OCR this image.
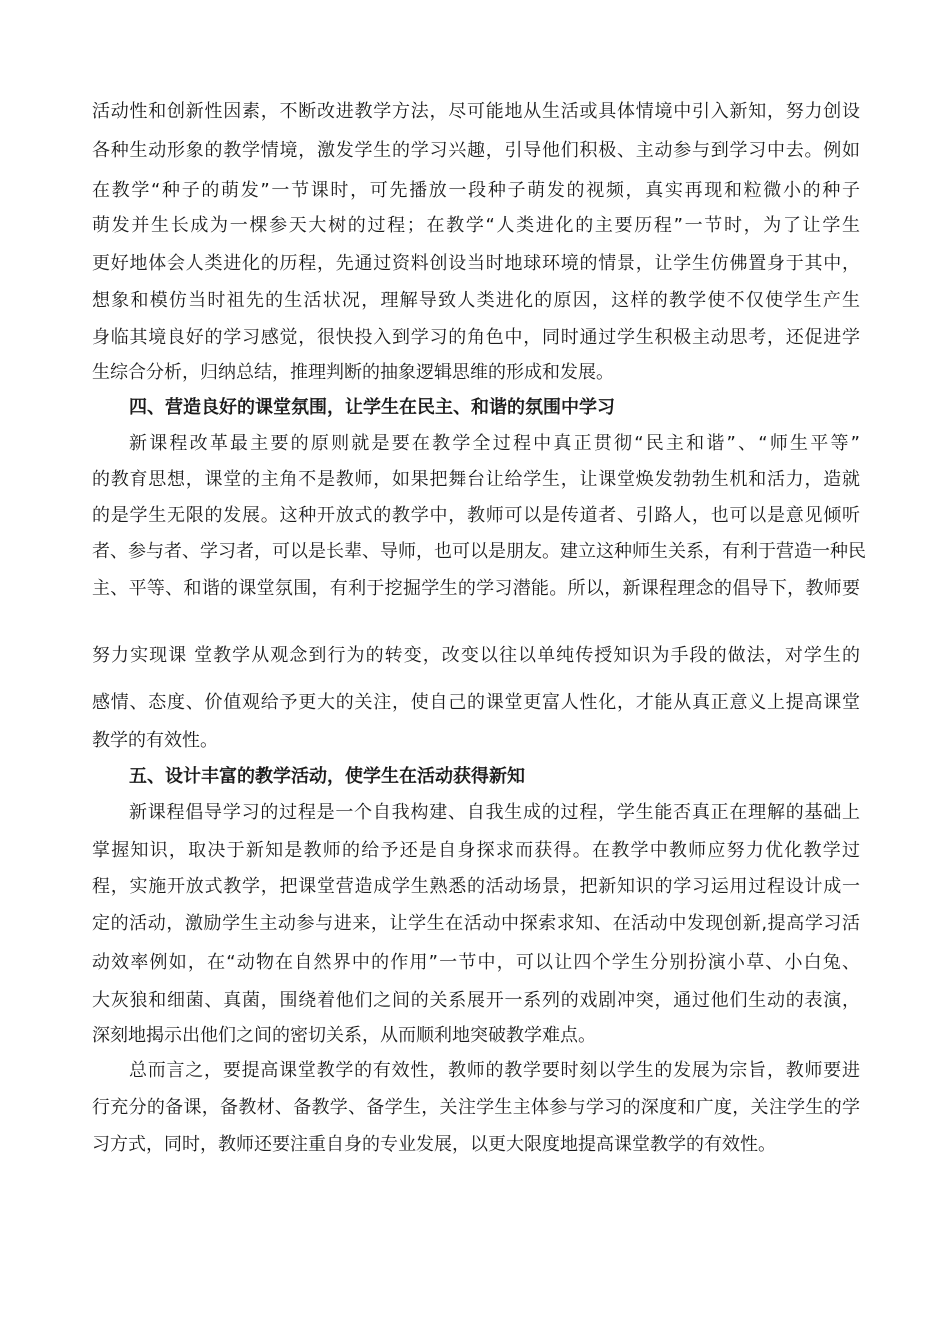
活动性和创新性因素，不断改进教学方法，尽可能地从生活或具体情境中引入新知，努力创设
各种生动形象的教学情境，激发学生的学习兴趣，引导他们积极、主动参与到学习中去。例如
在教学“种子的萌发”一节课时，可先播放一段种子萌发的视频，真实再现和粒微小的种子
萌发并生长成为一棵参天大树的过程；在教学“人类进化的主要历程”一节时，为了让学生
更好地体会人类进化的历程，先通过资料创设当时地球环境的情景，让学生仿佛置身于其中，
想象和模仿当时祖先的生活状况，理解导致人类进化的原因，这样的教学使不仅使学生产生
身临其境良好的学习感觉，很快投入到学习的角色中，同时通过学生积极主动思考，还促进学
生综合分析，归纳总结，推理判断的抽象逻辑思维的形成和发展。
四、营造良好的课堂氛围，让学生在民主、和谐的氛围中学习
新课程改革最主要的原则就是要在教学全过程中真正贯彻“民主和谐”、“师生平等”
的教育思想，课堂的主角不是教师，如果把舞台让给学生，让课堂焕发勃勃生机和活力，造就
的是学生无限的发展。这种开放式的教学中，教师可以是传道者、引路人，也可以是意见倾听
者、参与者、学习者，可以是长辈、导师，也可以是朋友。建立这种师生关系，有利于营造一种民
主、平等、和谐的课堂氛围，有利于挖掘学生的学习潜能。所以，新课程理念的倡导下，教师要
努力实现课 堂教学从观念到行为的转变，改变以往以单纯传授知识为手段的做法，对学生的
感情、态度、价值观给予更大的关注，使自己的课堂更富人性化，才能从真正意义上提高课堂
教学的有效性。
五、设计丰富的教学活动，使学生在活动获得新知
新课程倡导学习的过程是一个自我构建、自我生成的过程，学生能否真正在理解的基础上
掌握知识，取决于新知是教师的给予还是自身探求而获得。在教学中教师应努力优化教学过
程，实施开放式教学，把课堂营造成学生熟悉的活动场景，把新知识的学习运用过程设计成一
定的活动，激励学生主动参与进来，让学生在活动中探索求知、在活动中发现创新,提高学习活
动效率例如，在“动物在自然界中的作用”一节中，可以让四个学生分别扮演小草、小白兔、
大灰狼和细菌、真菌，围绕着他们之间的关系展开一系列的戏剧冲突，通过他们生动的表演，
深刻地揭示出他们之间的密切关系，从而顺利地突破教学难点。
总而言之，要提高课堂教学的有效性，教师的教学要时刻以学生的发展为宗旨，教师要进
行充分的备课，备教材、备教学、备学生，关注学生主体参与学习的深度和广度，关注学生的学
习方式，同时，教师还要注重自身的专业发展，以更大限度地提高课堂教学的有效性。
